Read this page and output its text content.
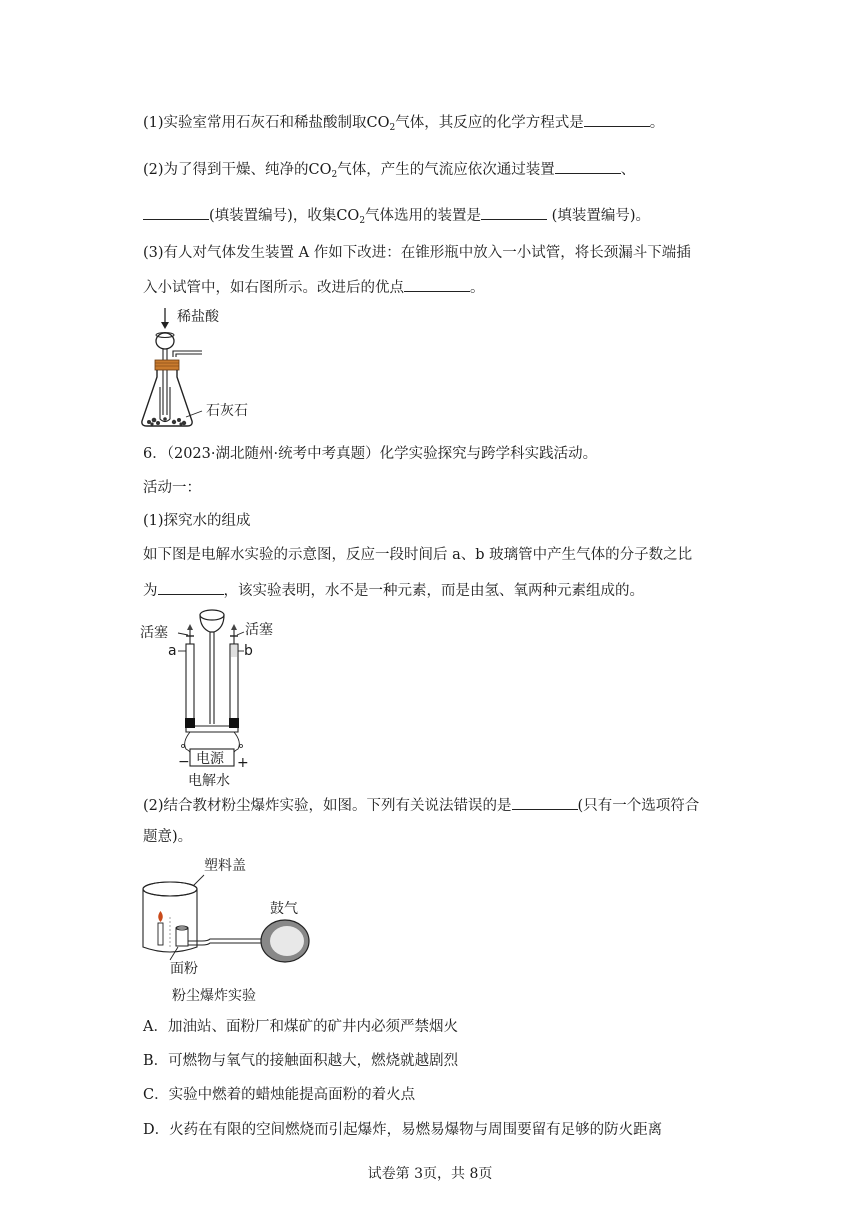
(1)实验室常用石灰石和稀盐酸制取$CO_2$气体，其反应的化学方程式是	。
(2)为了得到干燥、纯净的$CO_2$气体，产生的气流应依次通过装置	、
(填装置编号)，收集$CO_2$气体选用的装置是	(填装置编号)。
(3)有人对气体发生装置 A 作如下改进：在锥形瓶中放入一小试管，将长颈漏斗下端插
入小试管中，如右图所示。改进后的优点	。
稀盐酸
石灰石
6．（2023·湖北随州·统考中考真题）化学实验探究与跨学科实践活动。
活动一：
(1)探究水的组成
如下图是电解水实验的示意图，反应一段时间后 a、b 玻璃管中产生气体的分子数之比
为	，该实验表明，水不是一种元素，而是由氢、氧两种元素组成的。
活塞
a
活塞
b
电源
−	+
电解水
(2)结合教材粉尘爆炸实验，如图。下列有关说法错误的是	(只有一个选项符合
题意)。
塑料盖
鼓气
面粉
粉尘爆炸实验
A．加油站、面粉厂和煤矿的矿井内必须严禁烟火
B．可燃物与氧气的接触面积越大，燃烧就越剧烈
C．实验中燃着的蜡烛能提高面粉的着火点
D．火药在有限的空间燃烧而引起爆炸，易燃易爆物与周围要留有足够的防火距离
试卷第 3页，共 8页
